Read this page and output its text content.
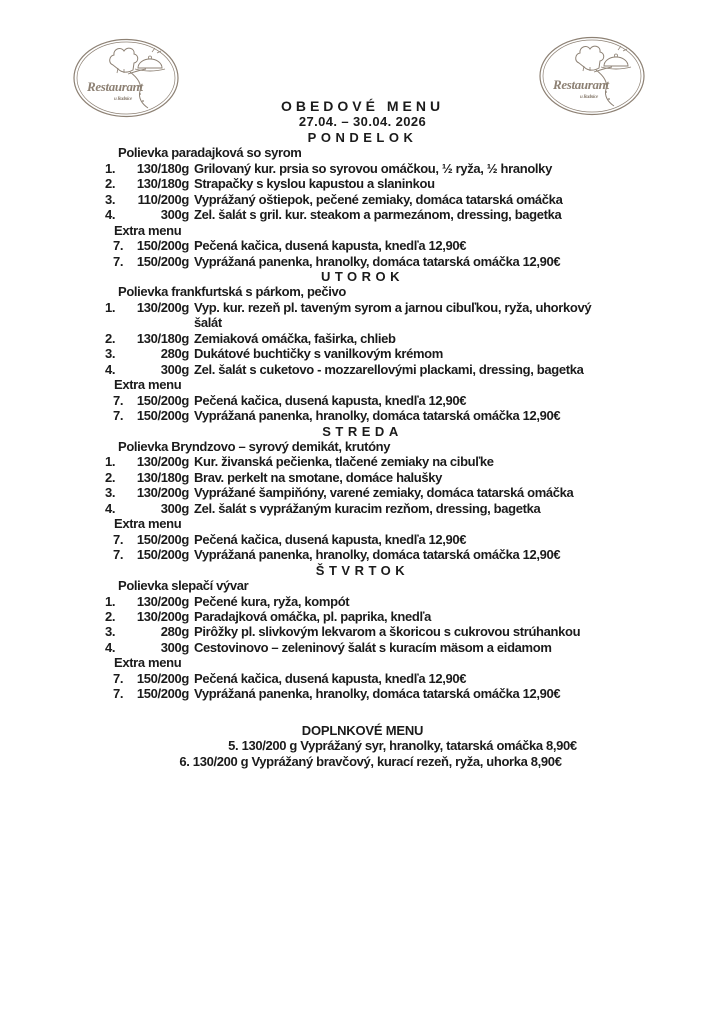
Restaurant
u Radnice
Restaurant
u Radnice
OBEDOVÉ MENU
27.04. – 30.04. 2026
PONDELOK
Polievka paradajková so syrom
1.	130/180g Grilovaný kur. prsia so syrovou omáčkou, ½ ryža, ½ hranolky
2.	130/180g Strapačky s kyslou kapustou a slaninkou
3.	110/200g Vyprážaný oštiepok, pečené zemiaky, domáca tatarská omáčka
4.	300g Zel. šalát s gril. kur. steakom a parmezánom, dressing, bagetka
Extra menu
7.	150/200g Pečená kačica, dusená kapusta, knedľa 12,90€
7.	150/200g Vyprážaná panenka, hranolky, domáca tatarská omáčka 12,90€
UTOROK
Polievka frankfurtská s párkom, pečivo
1.	130/200g Vyp. kur. rezeň pl. taveným syrom a jarnou cibuľkou, ryža, uhorkový šalát
2.	130/180g Zemiaková omáčka, faširka, chlieb
3.	280g Dukátové buchtičky s vanilkovým krémom
4.	300g Zel. šalát s cuketovo - mozzarellovými plackami, dressing, bagetka
Extra menu
7.	150/200g Pečená kačica, dusená kapusta, knedľa 12,90€
7.	150/200g Vyprážaná panenka, hranolky, domáca tatarská omáčka 12,90€
STREDA
Polievka Bryndzovo – syrový demikát, krutóny
1.	130/200g Kur. živanská pečienka, tlačené zemiaky na cibuľke
2.	130/180g Brav. perkelt na smotane, domáce halušky
3.	130/200g Vyprážané šampiňóny, varené zemiaky, domáca tatarská omáčka
4.	300g Zel. šalát s vyprážaným kuracim rezňom, dressing, bagetka
Extra menu
7.	150/200g Pečená kačica, dusená kapusta, knedľa 12,90€
7.	150/200g Vyprážaná panenka, hranolky, domáca tatarská omáčka 12,90€
ŠTVRTOK
Polievka slepačí vývar
1.	130/200g Pečené kura, ryža, kompót
2.	130/200g Paradajková omáčka, pl. paprika, knedľa
3.	280g Pirôžky pl. slivkovým lekvarom a škoricou s cukrovou strúhankou
4.	300g Cestovinovo – zeleninový šalát s kuracím mäsom a eidamom
Extra menu
7.	150/200g Pečená kačica, dusená kapusta, knedľa 12,90€
7.	150/200g Vyprážaná panenka, hranolky, domáca tatarská omáčka 12,90€
DOPLNKOVÉ MENU
5. 130/200 g Vyprážaný syr, hranolky, tatarská omáčka 8,90€
6. 130/200 g Vyprážaný bravčový, kurací rezeň, ryža, uhorka 8,90€
